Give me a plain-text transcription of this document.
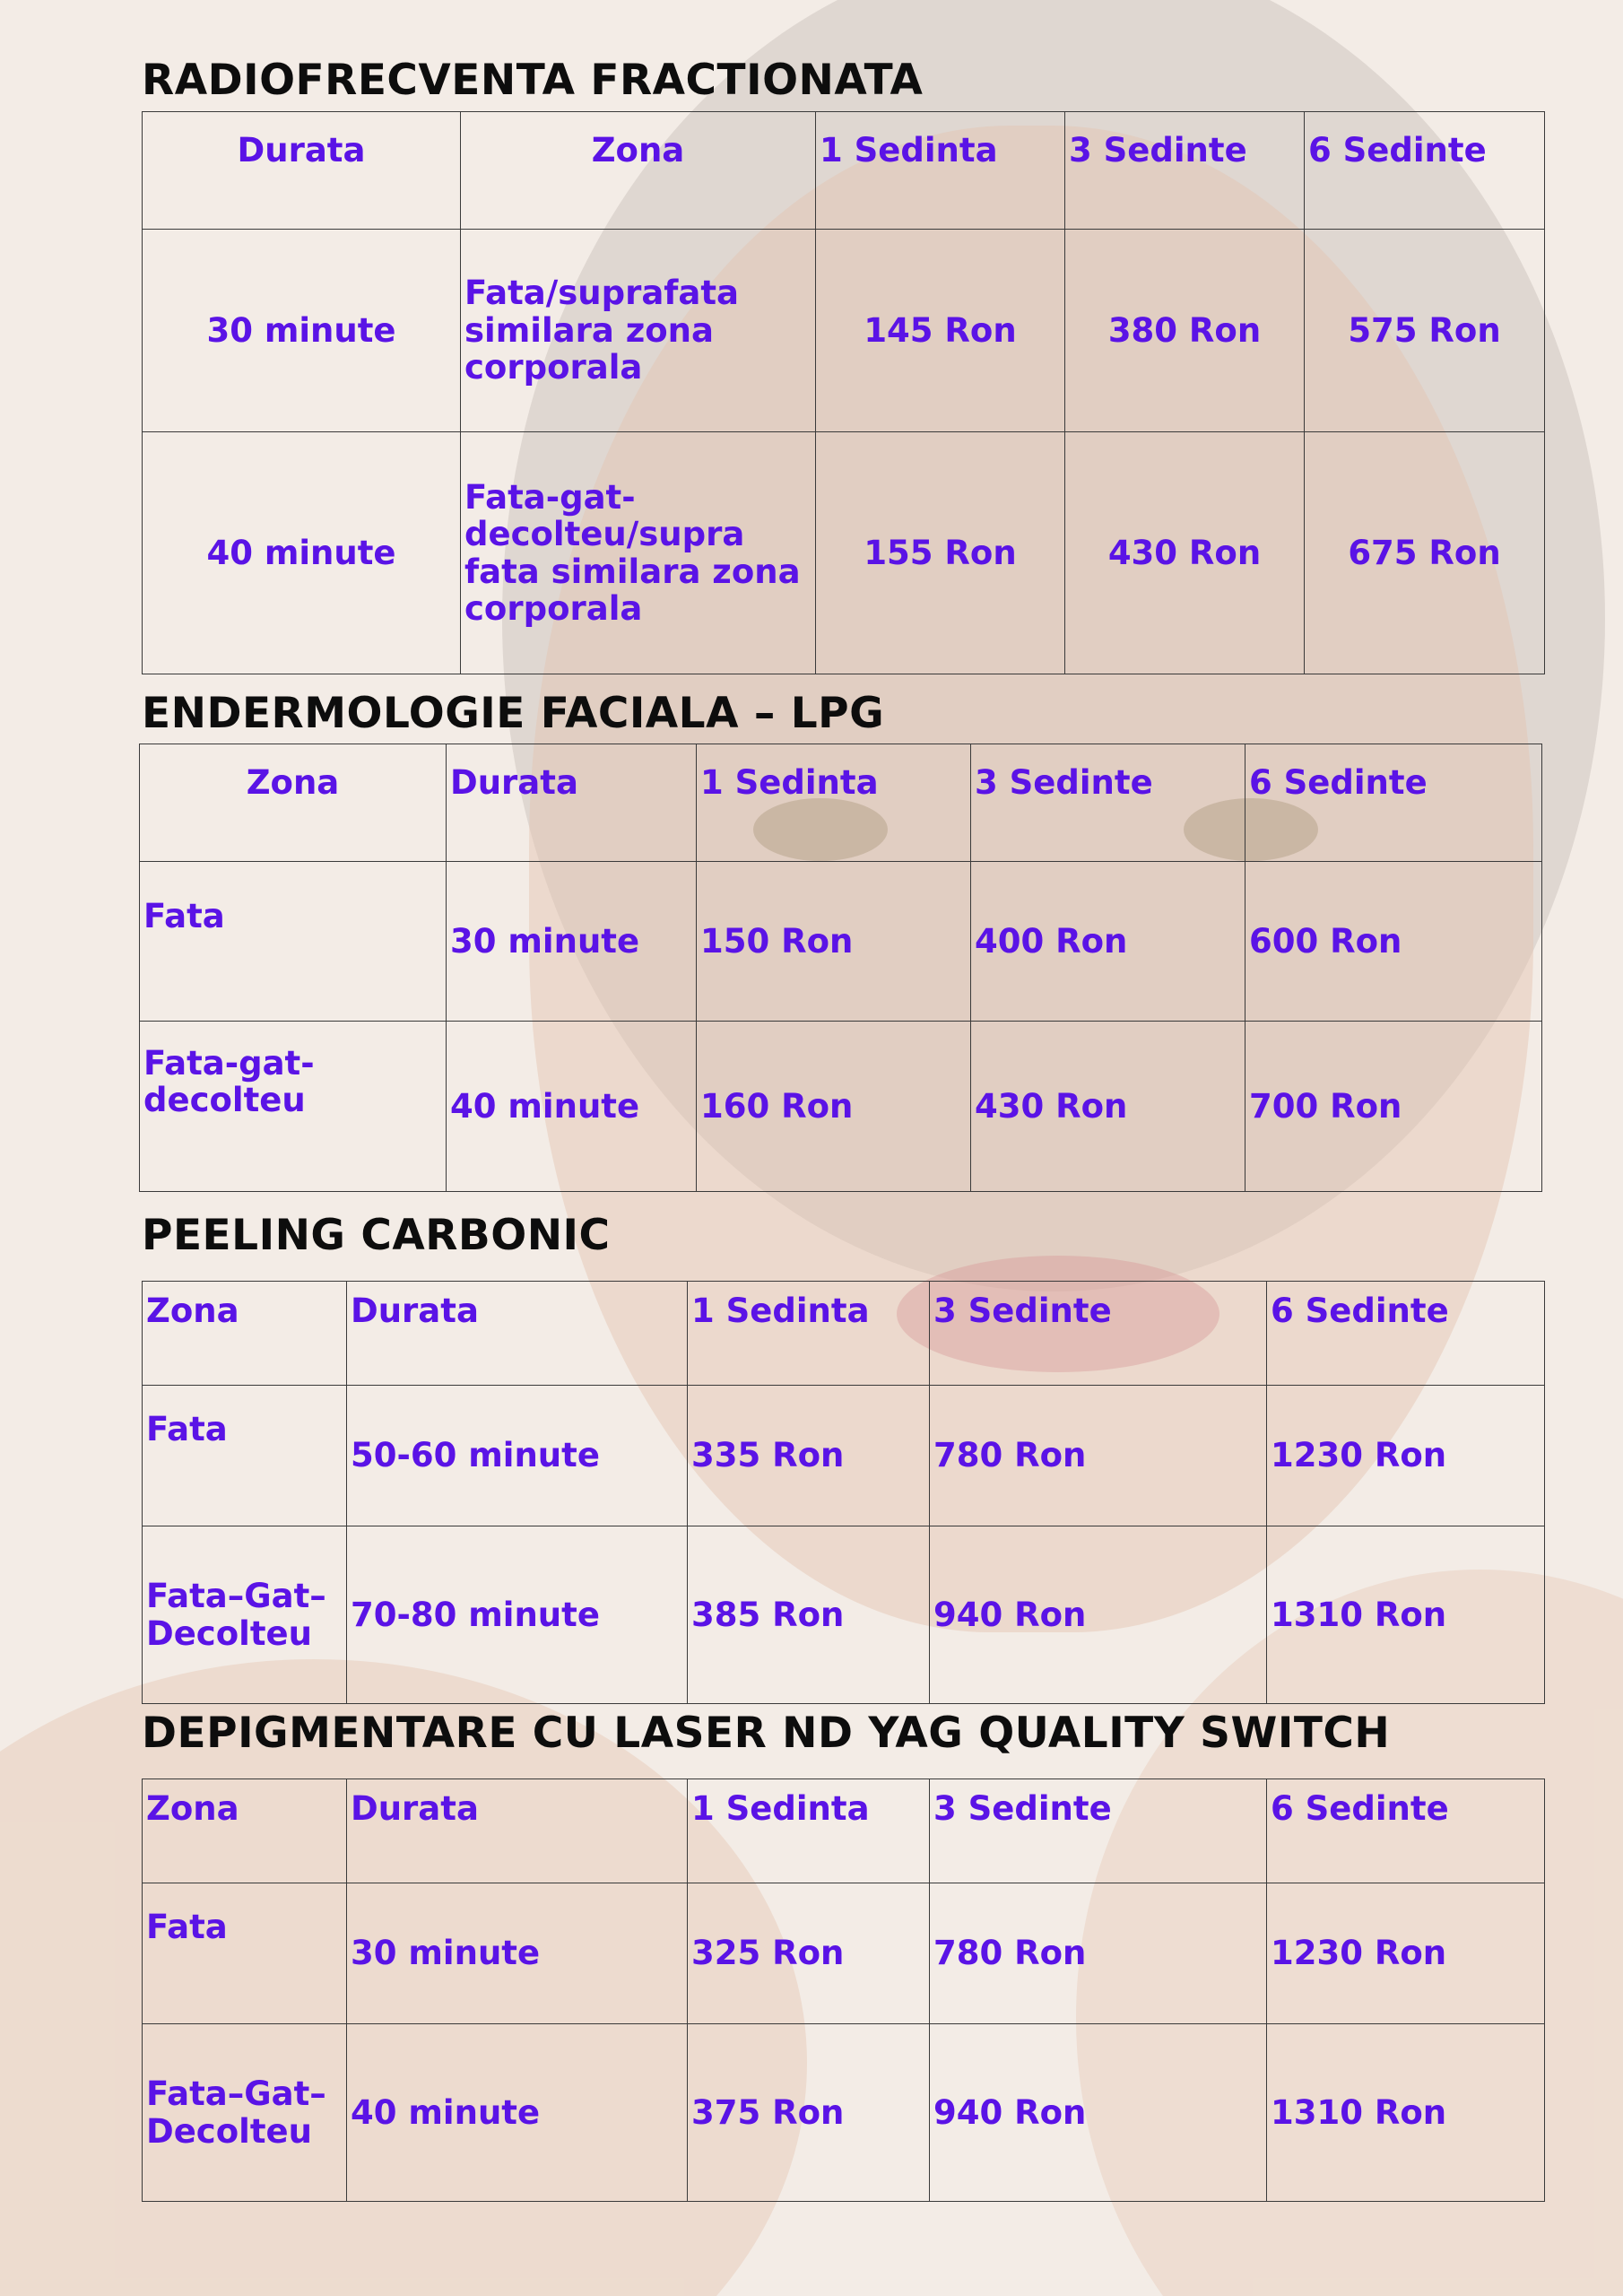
RADIOFRECVENTA FRACTIONATA
Durata	Zona	1 Sedinta	3 Sedinte	6 Sedinte
30 minute	Fata/suprafata similara zona corporala	145 Ron	380 Ron	575 Ron
40 minute	Fata-gat-decolteu/supra fata similara zona corporala	155 Ron	430 Ron	675 Ron
ENDERMOLOGIE FACIALA – LPG
Zona	Durata	1 Sedinta	3 Sedinte	6 Sedinte
Fata	30 minute	150 Ron	400 Ron	600 Ron
Fata-gat-decolteu	40 minute	160 Ron	430 Ron	700 Ron
PEELING CARBONIC
Zona	Durata	1 Sedinta	3 Sedinte	6 Sedinte
Fata	50-60 minute	335 Ron	780 Ron	1230 Ron
Fata–Gat–Decolteu	70-80 minute	385 Ron	940 Ron	1310 Ron
DEPIGMENTARE CU LASER ND YAG QUALITY SWITCH
Zona	Durata	1 Sedinta	3 Sedinte	6 Sedinte
Fata	30 minute	325 Ron	780 Ron	1230 Ron
Fata–Gat–Decolteu	40 minute	375 Ron	940 Ron	1310 Ron
